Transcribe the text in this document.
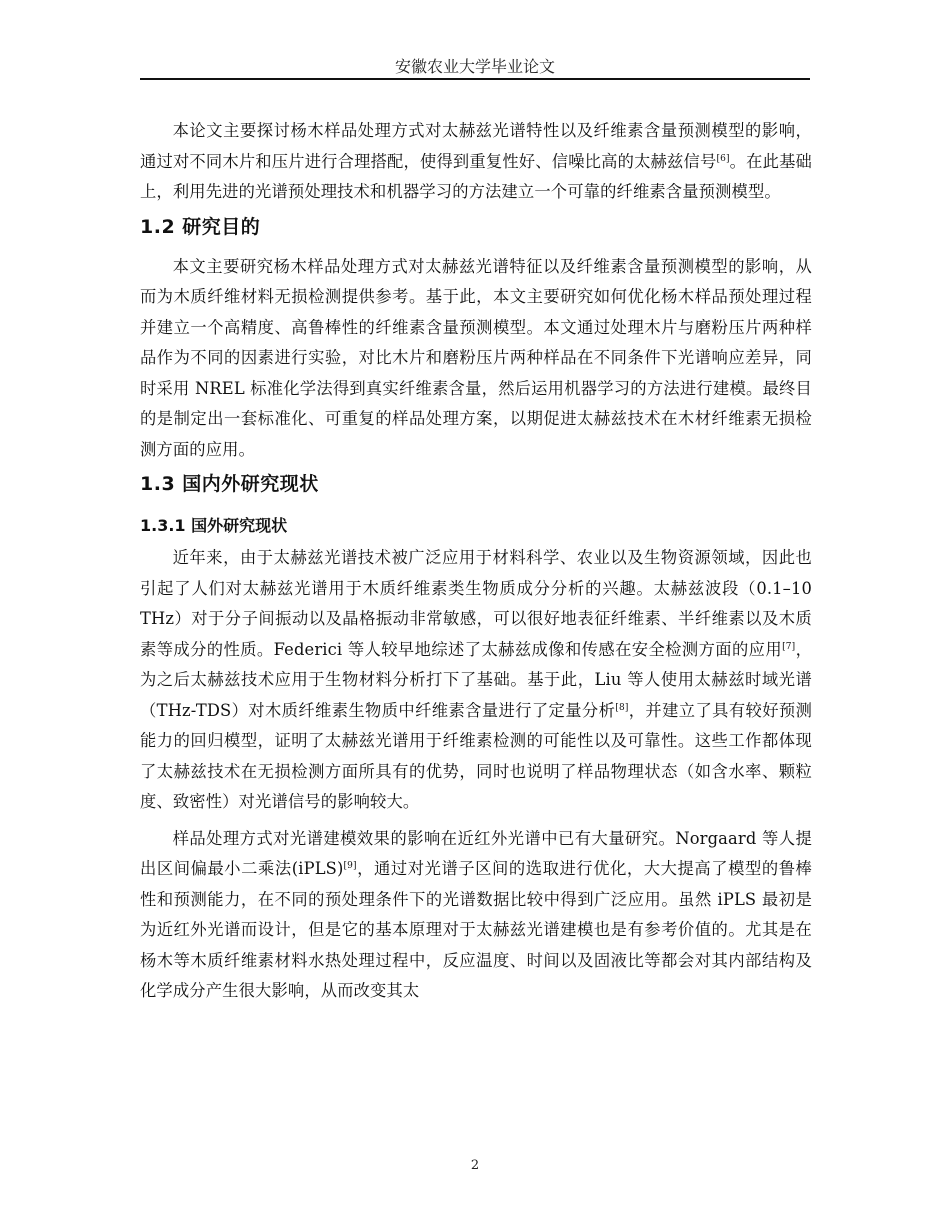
安徽农业大学毕业论文

本论文主要探讨杨木样品处理方式对太赫兹光谱特性以及纤维素含量预测模型的影响，通过对不同木片和压片进行合理搭配，使得到重复性好、信噪比高的太赫兹信号[6]。在此基础上，利用先进的光谱预处理技术和机器学习的方法建立一个可靠的纤维素含量预测模型。

1.2 研究目的

本文主要研究杨木样品处理方式对太赫兹光谱特征以及纤维素含量预测模型的影响，从而为木质纤维材料无损检测提供参考。基于此，本文主要研究如何优化杨木样品预处理过程并建立一个高精度、高鲁棒性的纤维素含量预测模型。本文通过处理木片与磨粉压片两种样品作为不同的因素进行实验，对比木片和磨粉压片两种样品在不同条件下光谱响应差异，同时采用 NREL 标准化学法得到真实纤维素含量，然后运用机器学习的方法进行建模。最终目的是制定出一套标准化、可重复的样品处理方案，以期促进太赫兹技术在木材纤维素无损检测方面的应用。

1.3 国内外研究现状
1.3.1 国外研究现状

近年来，由于太赫兹光谱技术被广泛应用于材料科学、农业以及生物资源领域，因此也引起了人们对太赫兹光谱用于木质纤维素类生物质成分分析的兴趣。太赫兹波段（0.1–10 THz）对于分子间振动以及晶格振动非常敏感，可以很好地表征纤维素、半纤维素以及木质素等成分的性质。Federici 等人较早地综述了太赫兹成像和传感在安全检测方面的应用[7]，为之后太赫兹技术应用于生物材料分析打下了基础。基于此，Liu 等人使用太赫兹时域光谱（THz-TDS）对木质纤维素生物质中纤维素含量进行了定量分析[8]，并建立了具有较好预测能力的回归模型，证明了太赫兹光谱用于纤维素检测的可能性以及可靠性。这些工作都体现了太赫兹技术在无损检测方面所具有的优势，同时也说明了样品物理状态（如含水率、颗粒度、致密性）对光谱信号的影响较大。

样品处理方式对光谱建模效果的影响在近红外光谱中已有大量研究。Norgaard 等人提出区间偏最小二乘法(iPLS)[9]，通过对光谱子区间的选取进行优化，大大提高了模型的鲁棒性和预测能力，在不同的预处理条件下的光谱数据比较中得到广泛应用。虽然 iPLS 最初是为近红外光谱而设计，但是它的基本原理对于太赫兹光谱建模也是有参考价值的。尤其是在杨木等木质纤维素材料水热处理过程中，反应温度、时间以及固液比等都会对其内部结构及化学成分产生很大影响，从而改变其太

2
